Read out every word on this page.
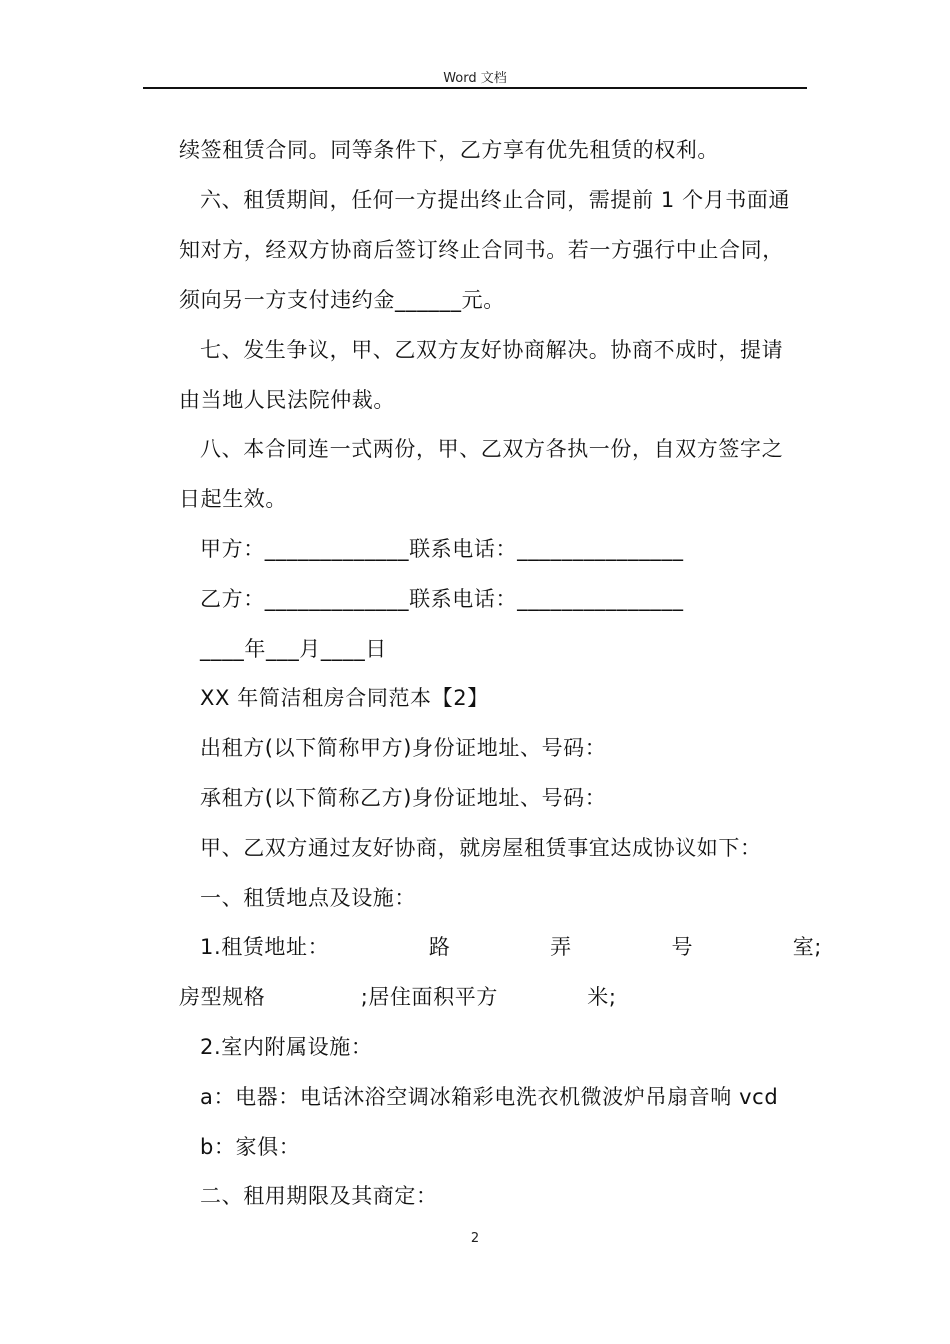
Word 文档
续签租赁合同。同等条件下，乙方享有优先租赁的权利。
六、租赁期间，任何一方提出终止合同，需提前 1 个月书面通
知对方，经双方协商后签订终止合同书。若一方强行中止合同，
须向另一方支付违约金______元。
七、发生争议，甲、乙双方友好协商解决。协商不成时，提请
由当地人民法院仲裁。
八、本合同连一式两份，甲、乙双方各执一份，自双方签字之
日起生效。
甲方：_____________联系电话：_______________
乙方：_____________联系电话：_______________
____年___月____日
XX 年简洁租房合同范本【2】
出租方(以下简称甲方)身份证地址、号码：
承租方(以下简称乙方)身份证地址、号码：
甲、乙双方通过友好协商，就房屋租赁事宜达成协议如下：
一、租赁地点及设施：
1.租赁地址：	路	弄	号	室;
房型规格	;居住面积平方	米;
2.室内附属设施：
a：电器：电话沐浴空调冰箱彩电洗衣机微波炉吊扇音响 vcd
b：家俱：
二、租用期限及其商定：
2
